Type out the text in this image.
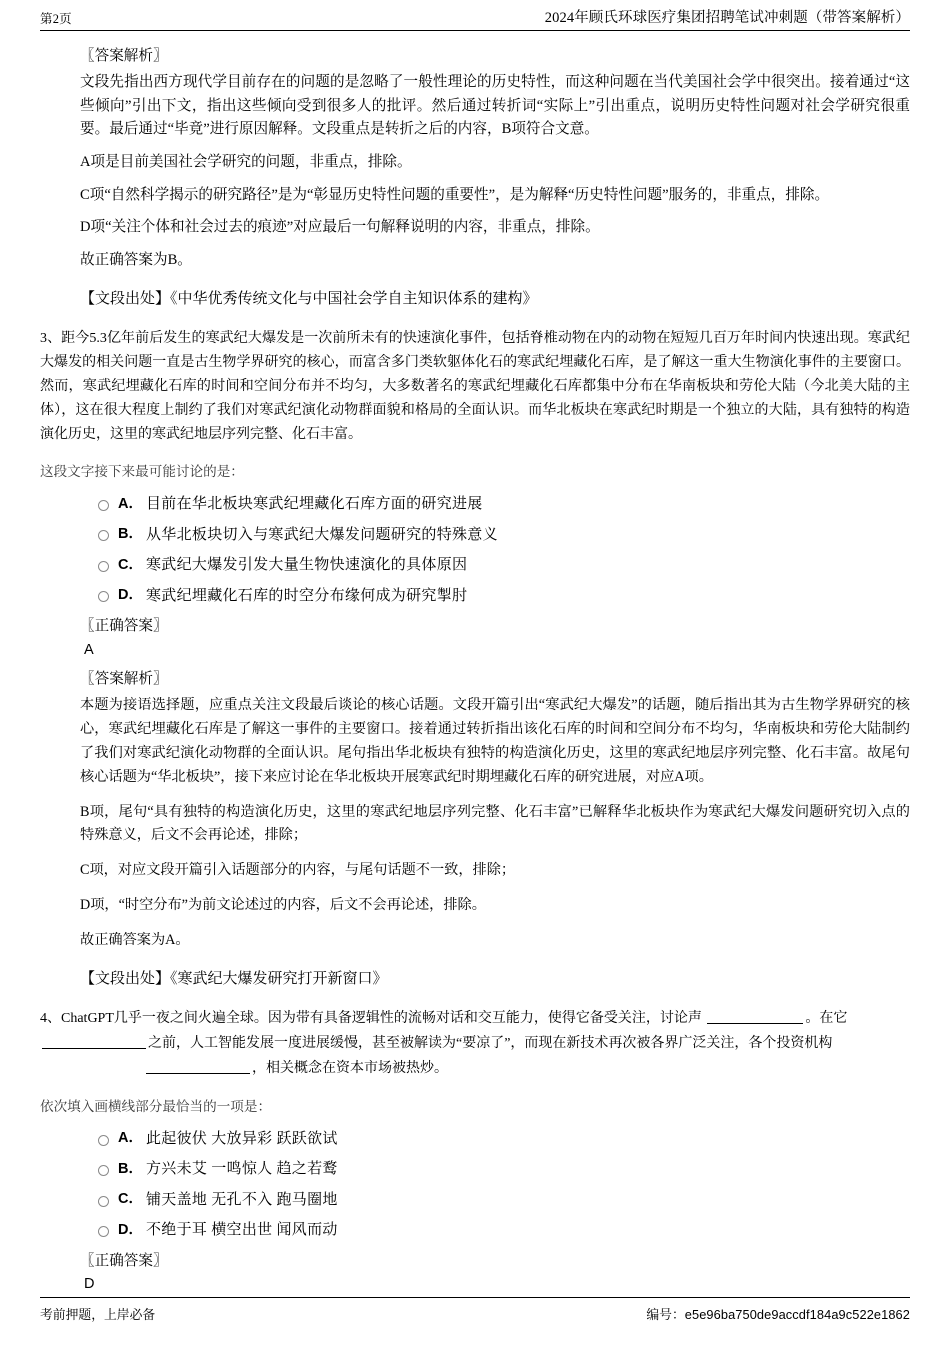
第2页	2024年顾氏环球医疗集团招聘笔试冲刺题（带答案解析）

〖答案解析〗

文段先指出西方现代学目前存在的问题的是忽略了一般性理论的历史特性，而这种问题在当代美国社会学中很突出。接着通过“这些倾向”引出下文，指出这些倾向受到很多人的批评。然后通过转折词“实际上”引出重点，说明历史特性问题对社会学研究很重要。最后通过“毕竟”进行原因解释。文段重点是转折之后的内容，B项符合文意。

A项是目前美国社会学研究的问题，非重点，排除。

C项“自然科学揭示的研究路径”是为“彰显历史特性问题的重要性”，是为解释“历史特性问题”服务的，非重点，排除。

D项“关注个体和社会过去的痕迹”对应最后一句解释说明的内容，非重点，排除。

故正确答案为B。

【文段出处】《中华优秀传统文化与中国社会学自主知识体系的建构》

3、距今5.3亿年前后发生的寒武纪大爆发是一次前所未有的快速演化事件，包括脊椎动物在内的动物在短短几百万年时间内快速出现。寒武纪大爆发的相关问题一直是古生物学界研究的核心，而富含多门类软躯体化石的寒武纪埋藏化石库，是了解这一重大生物演化事件的主要窗口。然而，寒武纪埋藏化石库的时间和空间分布并不均匀，大多数著名的寒武纪埋藏化石库都集中分布在华南板块和劳伦大陆（今北美大陆的主体），这在很大程度上制约了我们对寒武纪演化动物群面貌和格局的全面认识。而华北板块在寒武纪时期是一个独立的大陆，具有独特的构造演化历史，这里的寒武纪地层序列完整、化石丰富。

这段文字接下来最可能讨论的是：

A． 目前在华北板块寒武纪埋藏化石库方面的研究进展
B． 从华北板块切入与寒武纪大爆发问题研究的特殊意义
C． 寒武纪大爆发引发大量生物快速演化的具体原因
D． 寒武纪埋藏化石库的时空分布缘何成为研究掣肘

〖正确答案〗

A

〖答案解析〗

本题为接语选择题，应重点关注文段最后谈论的核心话题。文段开篇引出“寒武纪大爆发”的话题，随后指出其为古生物学界研究的核心，寒武纪埋藏化石库是了解这一事件的主要窗口。接着通过转折指出该化石库的时间和空间分布不均匀，华南板块和劳伦大陆制约了我们对寒武纪演化动物群的全面认识。尾句指出华北板块有独特的构造演化历史，这里的寒武纪地层序列完整、化石丰富。故尾句核心话题为“华北板块”，接下来应讨论在华北板块开展寒武纪时期埋藏化石库的研究进展，对应A项。

B项，尾句“具有独特的构造演化历史，这里的寒武纪地层序列完整、化石丰富”已解释华北板块作为寒武纪大爆发问题研究切入点的特殊意义，后文不会再论述，排除；

C项，对应文段开篇引入话题部分的内容，与尾句话题不一致，排除；

D项，“时空分布”为前文论述过的内容，后文不会再论述，排除。

故正确答案为A。

【文段出处】《寒武纪大爆发研究打开新窗口》

4、ChatGPT几乎一夜之间火遍全球。因为带有具备逻辑性的流畅对话和交互能力，使得它备受关注，讨论声	。在它

之前，人工智能发展一度进展缓慢，甚至被解读为“要凉了”，而现在新技术再次被各界广泛关注，各个投资机构

，相关概念在资本市场被热炒。

依次填入画横线部分最恰当的一项是：

A． 此起彼伏 大放异彩 跃跃欲试
B． 方兴未艾 一鸣惊人 趋之若鹜
C． 铺天盖地 无孔不入 跑马圈地
D． 不绝于耳 横空出世 闻风而动

〖正确答案〗

D

考前押题，上岸必备	编号：e5e96ba750de9accdf184a9c522e1862
